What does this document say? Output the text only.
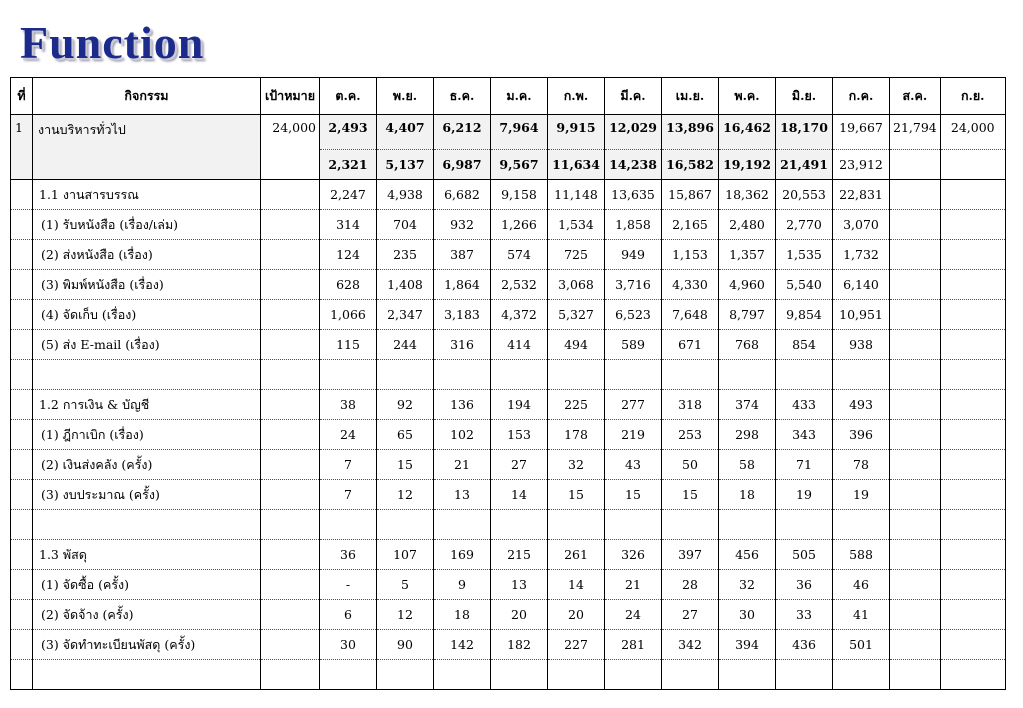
Function
ที่	กิจกรรม	เป้าหมาย	ต.ค.	พ.ย.	ธ.ค.	ม.ค.	ก.พ.	มี.ค.	เม.ย.	พ.ค.	มิ.ย.	ก.ค.	ส.ค.	ก.ย.
1	งานบริหารทั่วไป	24,000	2,493	4,407	6,212	7,964	9,915	12,029	13,896	16,462	18,170	19,667	21,794	24,000
			2,321	5,137	6,987	9,567	11,634	14,238	16,582	19,192	21,491	23,912		
	1.1 งานสารบรรณ		2,247	4,938	6,682	9,158	11,148	13,635	15,867	18,362	20,553	22,831		
	(1) รับหนังสือ (เรื่อง/เล่ม)		314	704	932	1,266	1,534	1,858	2,165	2,480	2,770	3,070		
	(2) ส่งหนังสือ (เรื่อง)		124	235	387	574	725	949	1,153	1,357	1,535	1,732		
	(3) พิมพ์หนังสือ (เรื่อง)		628	1,408	1,864	2,532	3,068	3,716	4,330	4,960	5,540	6,140		
	(4) จัดเก็บ (เรื่อง)		1,066	2,347	3,183	4,372	5,327	6,523	7,648	8,797	9,854	10,951		
	(5) ส่ง E-mail (เรื่อง)		115	244	316	414	494	589	671	768	854	938		

	1.2 การเงิน & บัญชี		38	92	136	194	225	277	318	374	433	493		
	(1) ฎีกาเบิก (เรื่อง)		24	65	102	153	178	219	253	298	343	396		
	(2) เงินส่งคลัง (ครั้ง)		7	15	21	27	32	43	50	58	71	78		
	(3) งบประมาณ (ครั้ง)		7	12	13	14	15	15	15	18	19	19		

	1.3 พัสดุ		36	107	169	215	261	326	397	456	505	588		
	(1) จัดซื้อ (ครั้ง)		-	5	9	13	14	21	28	32	36	46		
	(2) จัดจ้าง (ครั้ง)		6	12	18	20	20	24	27	30	33	41		
	(3) จัดทำทะเบียนพัสดุ (ครั้ง)		30	90	142	182	227	281	342	394	436	501		
